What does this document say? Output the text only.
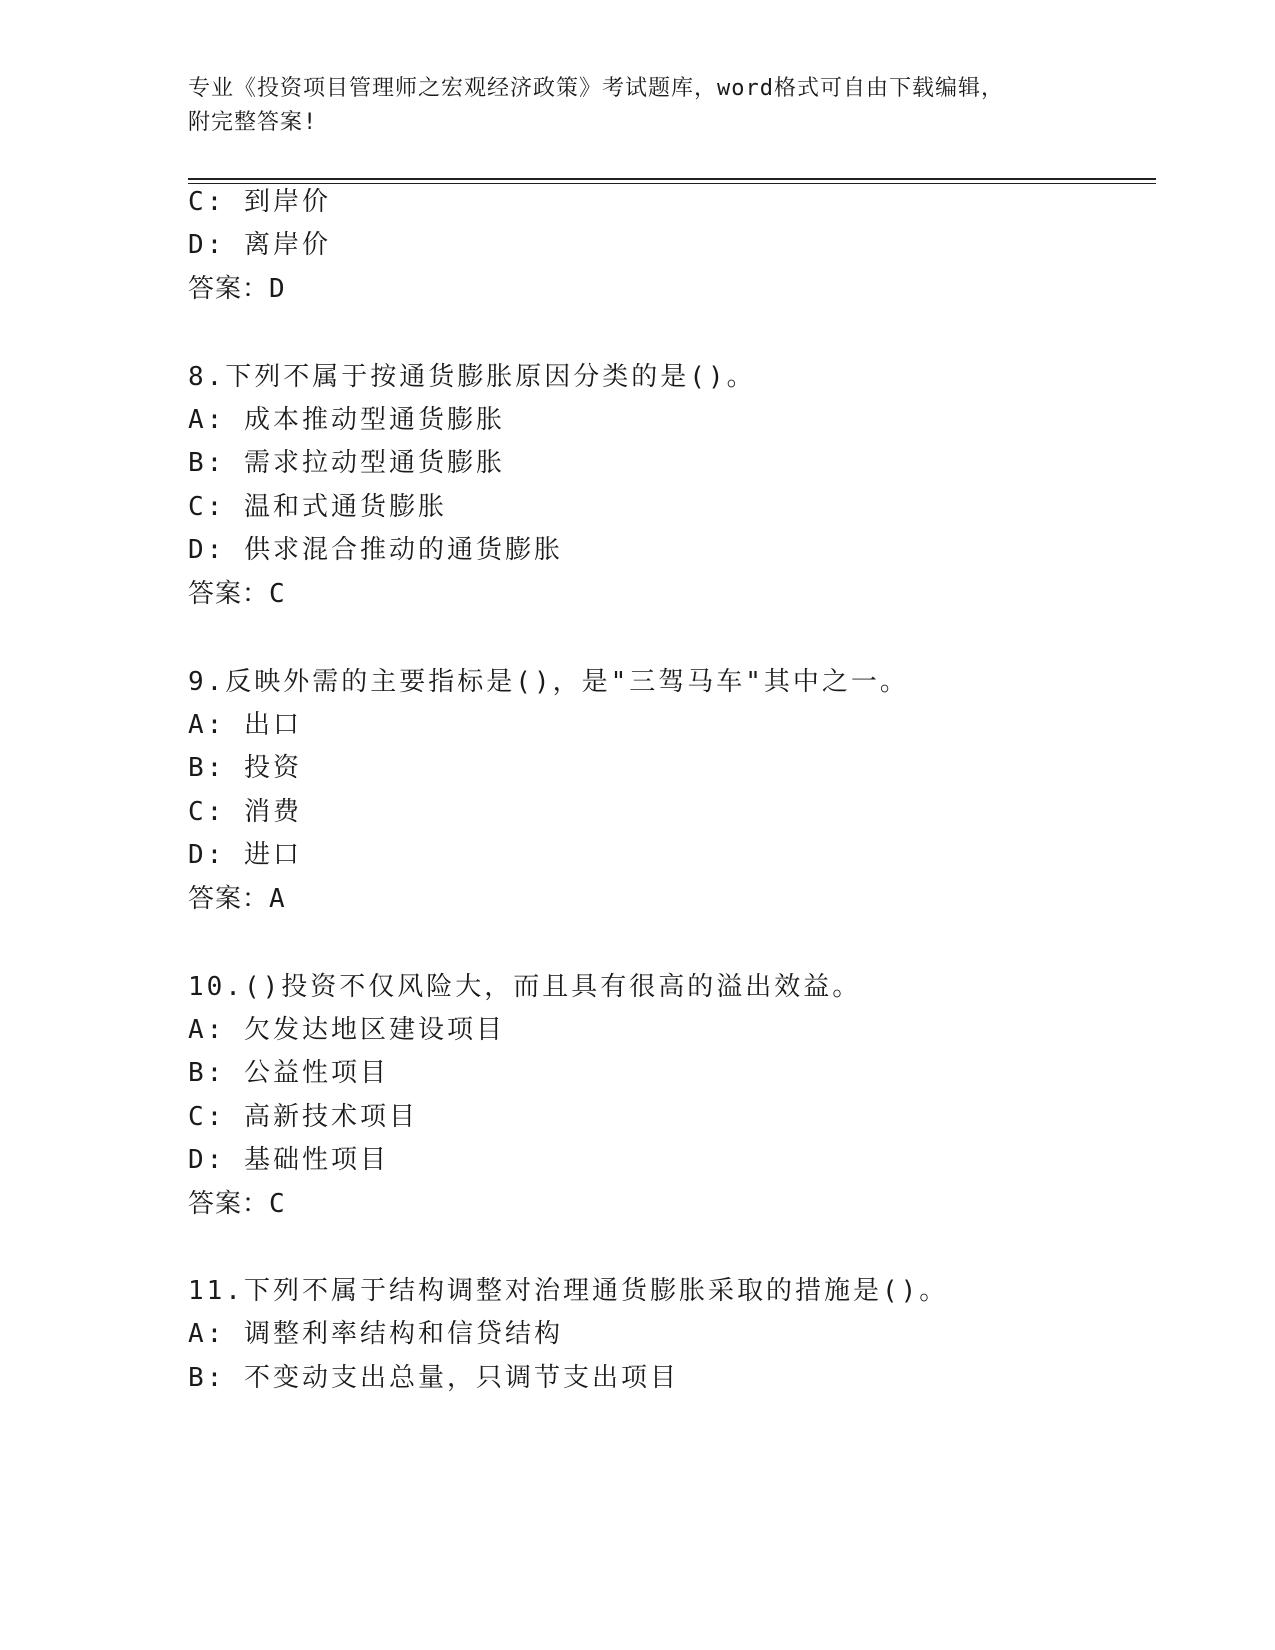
专业《投资项目管理师之宏观经济政策》考试题库，word格式可自由下载编辑，
附完整答案!
C: 到岸价
D: 离岸价
答案：D
8.下列不属于按通货膨胀原因分类的是()。
A: 成本推动型通货膨胀
B: 需求拉动型通货膨胀
C: 温和式通货膨胀
D: 供求混合推动的通货膨胀
答案：C
9.反映外需的主要指标是()，是"三驾马车"其中之一。
A: 出口
B: 投资
C: 消费
D: 进口
答案：A
10.()投资不仅风险大，而且具有很高的溢出效益。
A: 欠发达地区建设项目
B: 公益性项目
C: 高新技术项目
D: 基础性项目
答案：C
11.下列不属于结构调整对治理通货膨胀采取的措施是()。
A: 调整利率结构和信贷结构
B: 不变动支出总量，只调节支出项目
